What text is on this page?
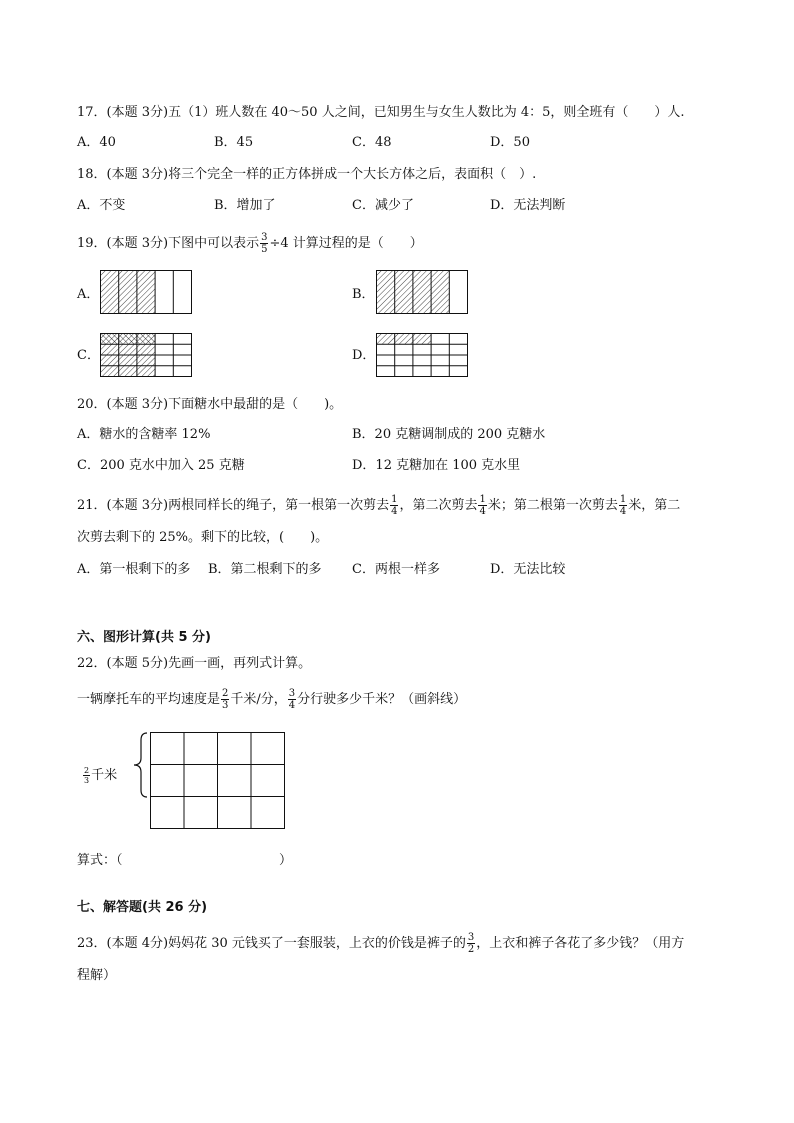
17．(本题 3分)五（1）班人数在 40～50 人之间，已知男生与女生人数比为 4：5，则全班有（　　）人.
A．40	B．45	C．48	D．50
18．(本题 3分)将三个完全一样的正方体拼成一个大长方体之后，表面积（　）.
A．不变	B．增加了	C．减少了	D．无法判断
19．(本题 3分)下图中可以表示 $\frac{3}{5} \div 4$ 计算过程的是（　　）
A．	B．
C．	D．
20．(本题 3分)下面糖水中最甜的是（　　)。
A．糖水的含糖率 12%	B．20 克糖调制成的 200 克糖水
C．200 克水中加入 25 克糖	D．12 克糖加在 100 克水里
21．(本题 3分)两根同样长的绳子，第一根第一次剪去 $\frac{1}{4}$ ，第二次剪去 $\frac{1}{4}$ 米；第二根第一次剪去 $\frac{1}{4}$ 米，第二
次剪去剩下的 25%。剩下的比较，(　　)。
A．第一根剩下的多 B．第二根剩下的多 C．两根一样多	D．无法比较
六、图形计算(共 5 分)
22．(本题 5分)先画一画，再列式计算。
一辆摩托车的平均速度是 $\frac{2}{3}$ 千米/分， $\frac{3}{4}$ 分行驶多少千米？（画斜线）
$\frac{2}{3}$ 千米
算式：（	）
七、解答题(共 26 分)
23．(本题 4分)妈妈花 30 元钱买了一套服装，上衣的价钱是裤子的 $\frac{3}{2}$ ，上衣和裤子各花了多少钱？（用方
程解）
